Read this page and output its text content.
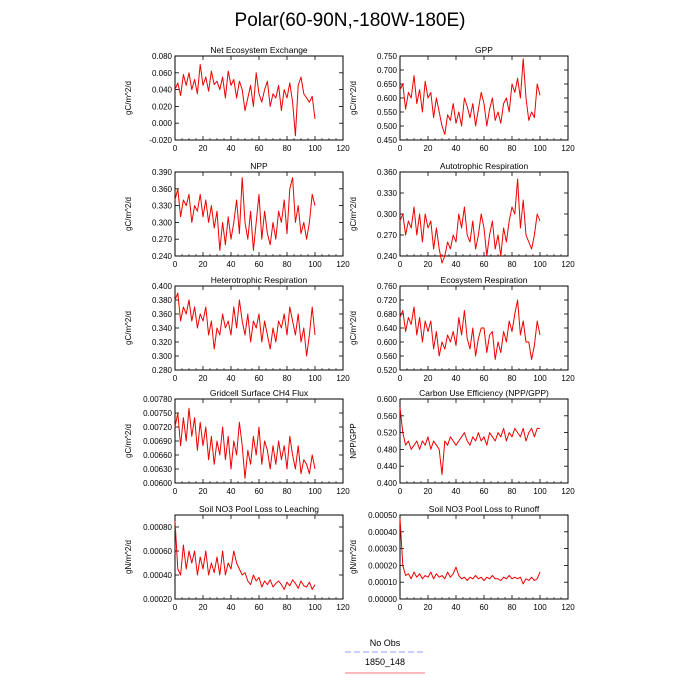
Polar(60-90N,-180W-180E)
Net Ecosystem Exchange
0	20 40 60 80 100 120
-0.020
0.000
0.020
0.040
0.060
0.080
gC/m^2/d
GPP
0	20 40 60 80 100 120
0.450
0.500
0.550
0.600
0.650
0.700
0.750
gC/m^2/d
NPP
0	20 40 60 80 100 120
0.240
0.270
0.300
0.330
0.360
0.390
gC/m^2/d
Autotrophic Respiration
0	20 40 60 80 100 120
0.240
0.270
0.300
0.330
0.360
gC/m^2/d
Heterotrophic Respiration
0	20 40 60 80 100 120
0.280
0.300
0.320
0.340
0.360
0.380
0.400
gC/m^2/d
Ecosystem Respiration
0	20 40 60 80 100 120
0.520
0.560
0.600
0.640
0.680
0.720
0.760
gC/m^2/d
Gridcell Surface CH4 Flux
0	20 40 60 80 100 120
0.00600
0.00630
0.00660
0.00690
0.00720
0.00750
0.00780
gC/m^2/d
Carbon Use Efficiency (NPP/GPP)
0	20 40 60 80 100 120
0.400
0.440
0.480
0.520
0.560
0.600
NPP/GPP
Soil NO3 Pool Loss to Leaching
0	20 40 60 80 100 120
0.00020
0.00040
0.00060
0.00080
gN/m^2/d
Soil NO3 Pool Loss to Runoff
0	20 40 60 80 100 120
0.00000
0.00010
0.00020
0.00030
0.00040
0.00050
gN/m^2/d
No Obs
1850_148
